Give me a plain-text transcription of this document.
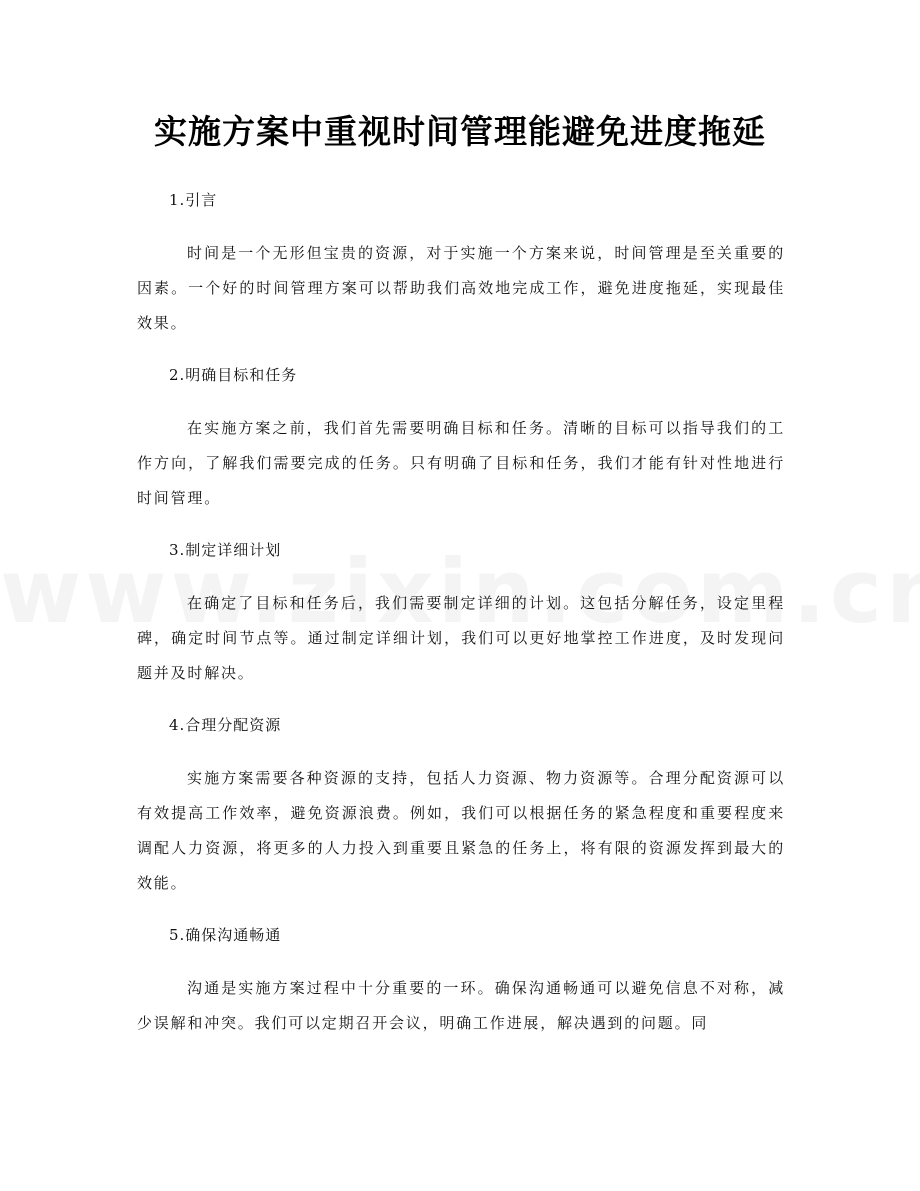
实施方案中重视时间管理能避免进度拖延
1.引言

时间是一个无形但宝贵的资源，对于实施一个方案来说，时间管理是至关重要的因素。一个好的时间管理方案可以帮助我们高效地完成工作，避免进度拖延，实现最佳效果。

2.明确目标和任务

在实施方案之前，我们首先需要明确目标和任务。清晰的目标可以指导我们的工作方向，了解我们需要完成的任务。只有明确了目标和任务，我们才能有针对性地进行时间管理。

3.制定详细计划

在确定了目标和任务后，我们需要制定详细的计划。这包括分解任务，设定里程碑，确定时间节点等。通过制定详细计划，我们可以更好地掌控工作进度，及时发现问题并及时解决。

4.合理分配资源

实施方案需要各种资源的支持，包括人力资源、物力资源等。合理分配资源可以有效提高工作效率，避免资源浪费。例如，我们可以根据任务的紧急程度和重要程度来调配人力资源，将更多的人力投入到重要且紧急的任务上，将有限的资源发挥到最大的效能。

5.确保沟通畅通

沟通是实施方案过程中十分重要的一环。确保沟通畅通可以避免信息不对称，减少误解和冲突。我们可以定期召开会议，明确工作进展，解决遇到的问题。同
